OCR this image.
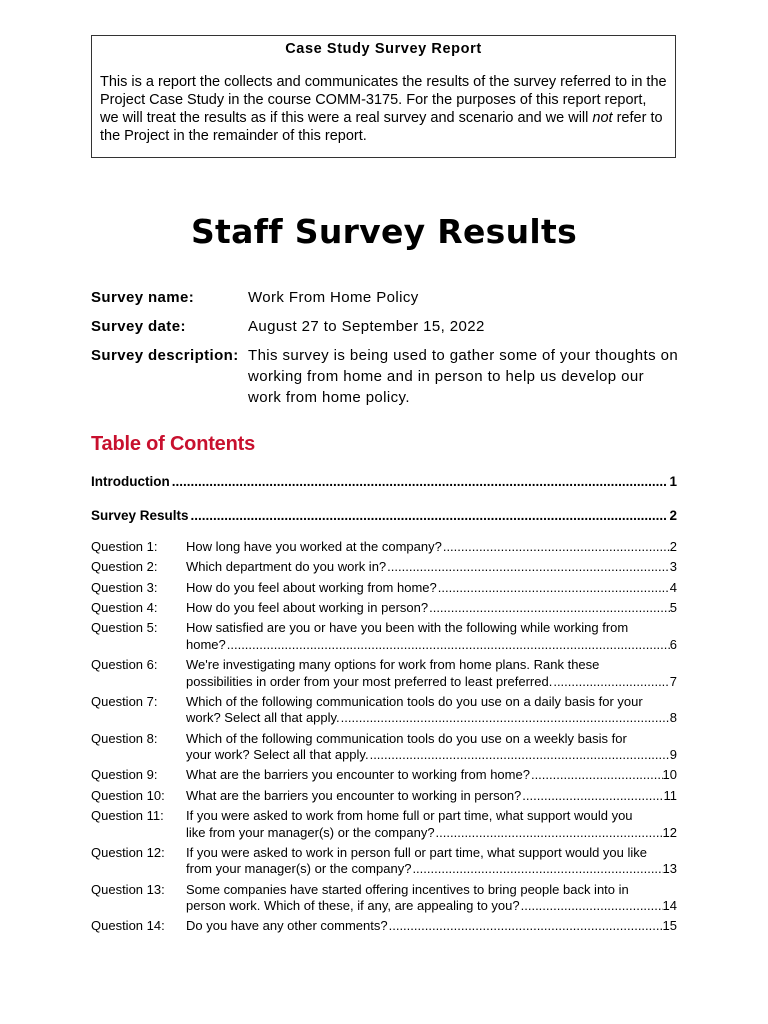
Case Study Survey Report
This is a report the collects and communicates the results of the survey referred to in the Project Case Study in the course COMM-3175. For the purposes of this report report, we will treat the results as if this were a real survey and scenario and we will not refer to the Project in the remainder of this report.
Staff Survey Results
Survey name:	Work From Home Policy
Survey date:	August 27 to September 15, 2022
Survey description: This survey is being used to gather some of your thoughts on working from home and in person to help us develop our work from home policy.
Table of Contents
Introduction .....	1
Survey Results .....	2
Question 1: How long have you worked at the company? .....	2
Question 2: Which department do you work in? .....	3
Question 3: How do you feel about working from home? .....	4
Question 4: How do you feel about working in person? .....	5
Question 5: How satisfied are you or have you been with the following while working from
home? .....	6
Question 6: We're investigating many options for work from home plans. Rank these
possibilities in order from your most preferred to least preferred. .....	7
Question 7: Which of the following communication tools do you use on a daily basis for your
work? Select all that apply. .....	8
Question 8: Which of the following communication tools do you use on a weekly basis for
your work? Select all that apply. .....	9
Question 9: What are the barriers you encounter to working from home? .....	10
Question 10: What are the barriers you encounter to working in person? .....	11
Question 11: If you were asked to work from home full or part time, what support would you
like from your manager(s) or the company? .....	12
Question 12: If you were asked to work in person full or part time, what support would you like
from your manager(s) or the company? .....	13
Question 13: Some companies have started offering incentives to bring people back into in
person work. Which of these, if any, are appealing to you? .....	14
Question 14: Do you have any other comments? .....	15
